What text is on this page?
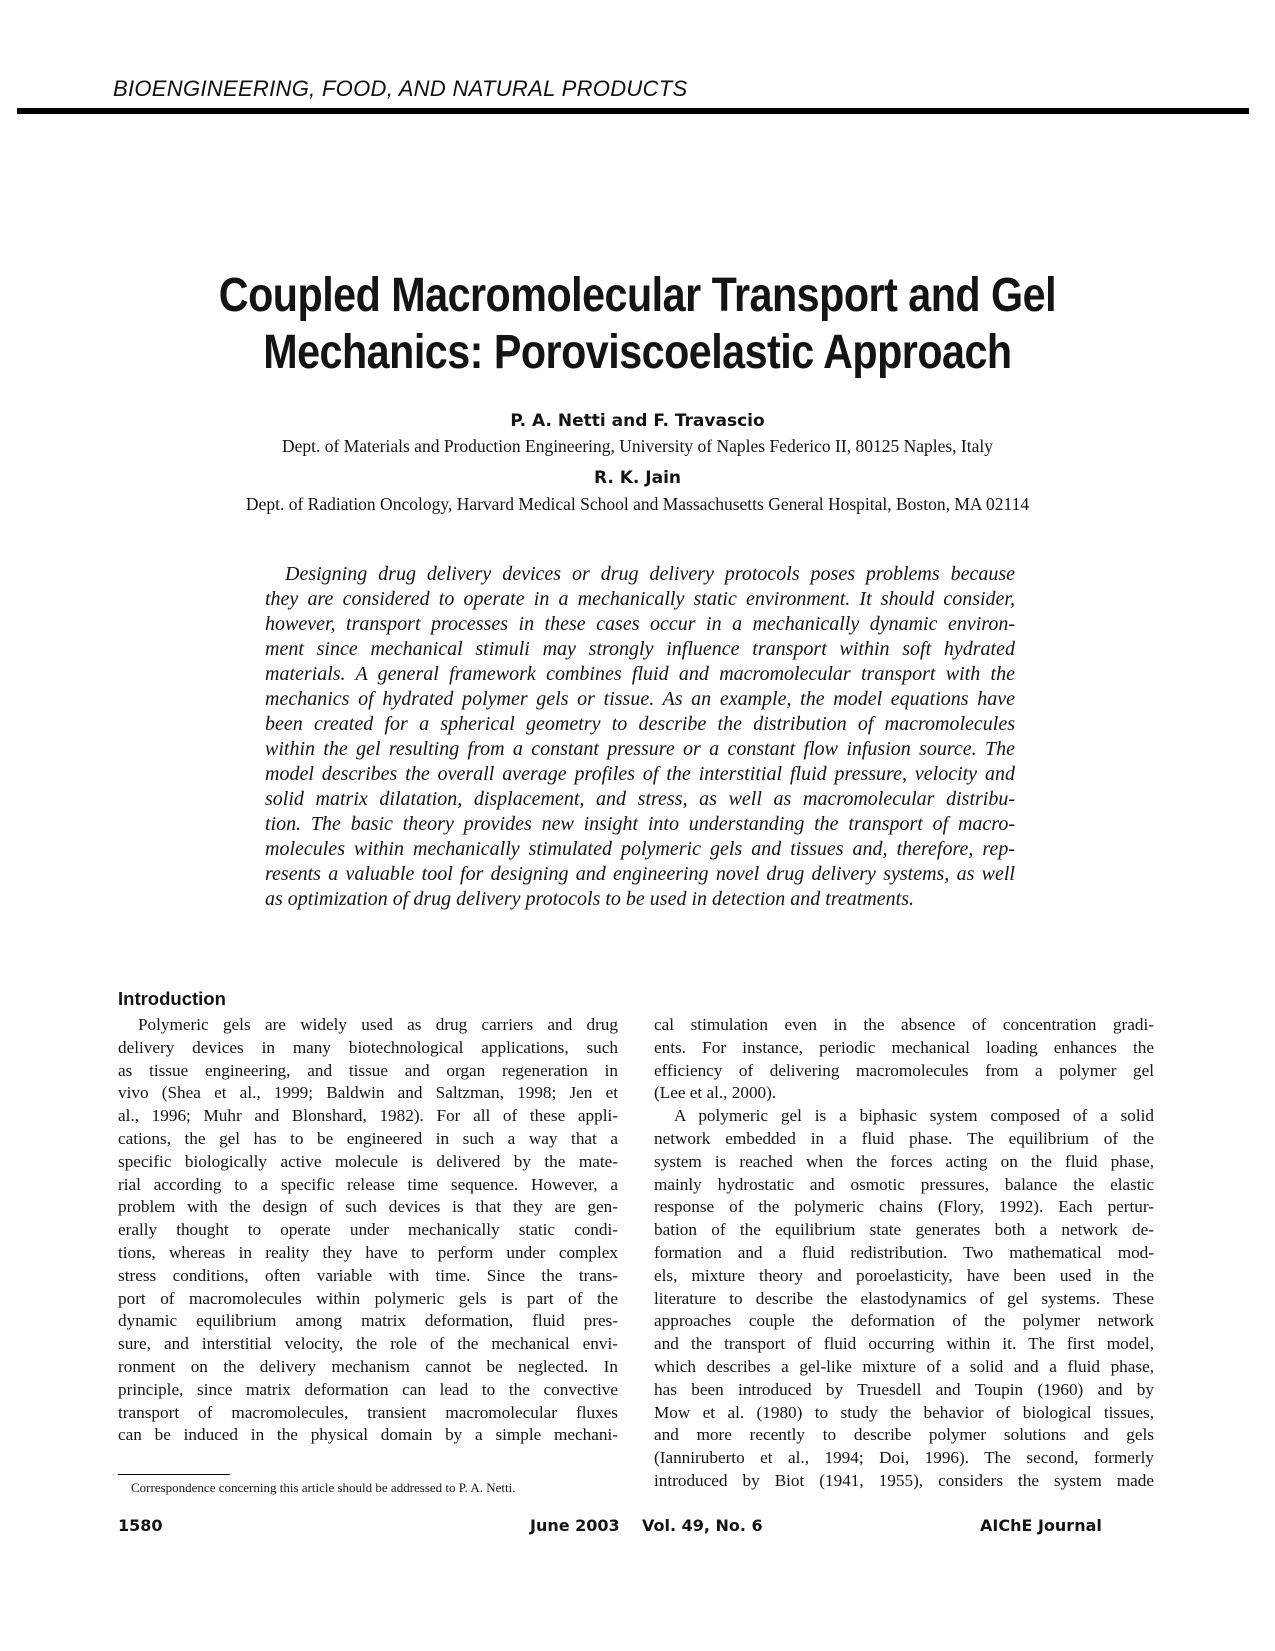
BIOENGINEERING, FOOD, AND NATURAL PRODUCTS
Coupled Macromolecular Transport and Gel
Mechanics: Poroviscoelastic Approach
P. A. Netti and F. Travascio
Dept. of Materials and Production Engineering, University of Naples Federico II, 80125 Naples, Italy
R. K. Jain
Dept. of Radiation Oncology, Harvard Medical School and Massachusetts General Hospital, Boston, MA 02114
Designing drug delivery devices or drug delivery protocols poses problems because
they are considered to operate in a mechanically static environment. It should consider,
however, transport processes in these cases occur in a mechanically dynamic environ-
ment since mechanical stimuli may strongly influence transport within soft hydrated
materials. A general framework combines fluid and macromolecular transport with the
mechanics of hydrated polymer gels or tissue. As an example, the model equations have
been created for a spherical geometry to describe the distribution of macromolecules
within the gel resulting from a constant pressure or a constant flow infusion source. The
model describes the overall average profiles of the interstitial fluid pressure, velocity and
solid matrix dilatation, displacement, and stress, as well as macromolecular distribu-
tion. The basic theory provides new insight into understanding the transport of macro-
molecules within mechanically stimulated polymeric gels and tissues and, therefore, rep-
resents a valuable tool for designing and engineering novel drug delivery systems, as well
as optimization of drug delivery protocols to be used in detection and treatments.
Introduction
Polymeric gels are widely used as drug carriers and drug
delivery devices in many biotechnological applications, such
as tissue engineering, and tissue and organ regeneration in
vivo (Shea et al., 1999; Baldwin and Saltzman, 1998; Jen et
al., 1996; Muhr and Blonshard, 1982). For all of these appli-
cations, the gel has to be engineered in such a way that a
specific biologically active molecule is delivered by the mate-
rial according to a specific release time sequence. However, a
problem with the design of such devices is that they are gen-
erally thought to operate under mechanically static condi-
tions, whereas in reality they have to perform under complex
stress conditions, often variable with time. Since the trans-
port of macromolecules within polymeric gels is part of the
dynamic equilibrium among matrix deformation, fluid pres-
sure, and interstitial velocity, the role of the mechanical envi-
ronment on the delivery mechanism cannot be neglected. In
principle, since matrix deformation can lead to the convective
transport of macromolecules, transient macromolecular fluxes
can be induced in the physical domain by a simple mechani-
cal stimulation even in the absence of concentration gradi-
ents. For instance, periodic mechanical loading enhances the
efficiency of delivering macromolecules from a polymer gel
(Lee et al., 2000).
A polymeric gel is a biphasic system composed of a solid
network embedded in a fluid phase. The equilibrium of the
system is reached when the forces acting on the fluid phase,
mainly hydrostatic and osmotic pressures, balance the elastic
response of the polymeric chains (Flory, 1992). Each pertur-
bation of the equilibrium state generates both a network de-
formation and a fluid redistribution. Two mathematical mod-
els, mixture theory and poroelasticity, have been used in the
literature to describe the elastodynamics of gel systems. These
approaches couple the deformation of the polymer network
and the transport of fluid occurring within it. The first model,
which describes a gel-like mixture of a solid and a fluid phase,
has been introduced by Truesdell and Toupin (1960) and by
Mow et al. (1980) to study the behavior of biological tissues,
and more recently to describe polymer solutions and gels
(Ianniruberto et al., 1994; Doi, 1996). The second, formerly
introduced by Biot (1941, 1955), considers the system made
Correspondence concerning this article should be addressed to P. A. Netti.
1580	June 2003    Vol. 49, No. 6	AIChE Journal
